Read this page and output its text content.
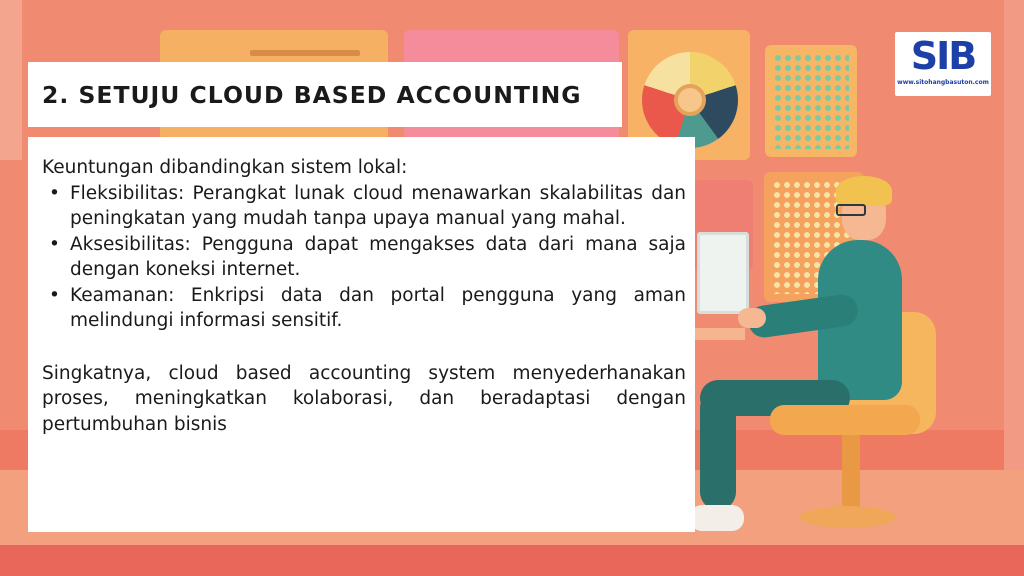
SIB
www.sitohangbasuton.com
2. SETUJU CLOUD BASED ACCOUNTING

Keuntungan dibandingkan sistem lokal:

• Fleksibilitas: Perangkat lunak cloud menawarkan skalabilitas dan peningkatan yang mudah tanpa upaya manual yang mahal.
• Aksesibilitas: Pengguna dapat mengakses data dari mana saja dengan koneksi internet.
• Keamanan: Enkripsi data dan portal pengguna yang aman melindungi informasi sensitif.

Singkatnya, cloud based accounting system menyederhanakan proses, meningkatkan kolaborasi, dan beradaptasi dengan pertumbuhan bisnis
